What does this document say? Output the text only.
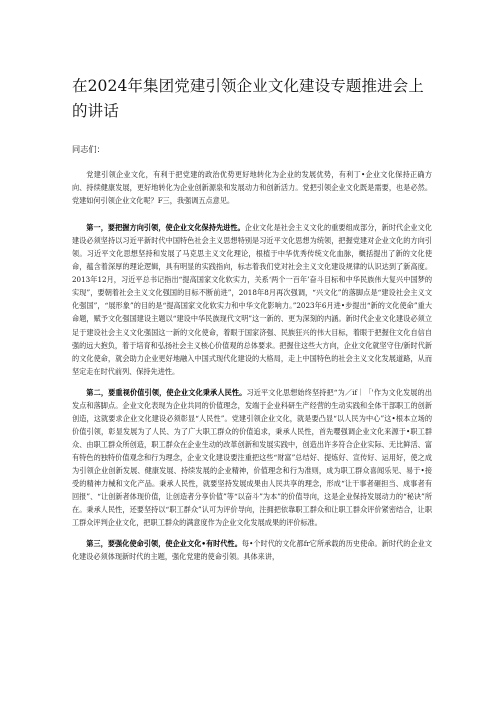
在2024年集团党建引领企业文化建设专题推进会上的讲话
同志们：

党建引领企业文化，有利于把党建的政治优势更好地转化为企业的发展优势，有利丁•企业文化保持正确方向、持续健康发展，更好地转化为企业创新源泉和发展动力和创新活力。党把引领企业文化既是需要，也是必然。党建如何引领企业文化呢？F三，我强调五点意见。

第一，要把握方向引领，使企业文化保持先进性。企业文化是社会主义文化的重要组成部分，新时代企业文化建设必须坚持以习近平新时代中国特色社会主义思想特别是习近平文化思想为统领，把握党建对企业文化的方向引领。习近平文化思想坚持和发展了马克思主义文化理论，根植于中华优秀传统文化血脉，概括提出了新的文化使命，蕴含着深厚的理论逻辑，具有明显的实践指向，标志着我们党对社会主义文化建设规律的认识达到了新高度。2013年12月，习近平总书记指出“提高国家文化软实力，关系‘两个一百年’奋斗目标和中华民族伟大复兴中国梦的实现”，要朝着社会主义文化强国的目标不断前进”，2018年8月再次强调，“兴文化”的落脚点是“建设社会主义文化强国”，“展形象”的目的是“提高国家文化软实力和中华文化影响力。”2023年6月进•步提出“新的文化使命”重大命题，赋予文化强国建设主题以“建设中华民族现代文明”这一新的、更为深刻的内涵。新时代企业文化建设必须立足于建设社会主义文化强国这一新的文化使命，着眼于国家济强、民族狂兴的伟大目标，着眼于把握住文化自信自强的远大抱负，着于培育和弘扬社会主义核心价值观的总体要求。把握住这些大方向，企业文化就坚守住/新时代新的文化使命，就会助力企业更好地融入中国式现代化建设的大格局，走上中国特色的社会主义文化发展道路，从而坚定走在时代前列、保持先进性。

第二，要重视价值引领，使企业文化秉承人民性。习近平文化思想始终坚持把“为／if｜「'作为文化发展的出发点和落脚点。企业文化表现为企业共同的价值理念，发端于企业科研生产经营的生动实践和全体干部职工的创新创造，这就要求企业文化建设必须彰显“人民性”。党建引领企业文化，就是要凸显“以人民为中心”这•根本立场的价值引领，彰显发展为了人民、为了广大职工群众的价值追求，秉承人民性，首先嘤强调企业文化来源于•职工群众、由职工群众所创造，职工群众在企业生动的改革创新和发展实践中，创造出许多符合企业实际、无比鲜活、富有特色的独特价值观念和行为理念，企业文化建设要注重把这些“财富”总结好、提炼好、宣传好、运用好，使之成为引领企业创新发展、健康发展、持续发展的企业精神，价值理念和行为准则，成为职工群众喜闻乐见、易于•接受的精神力械和文化产品。秉承人民性，就要坚持发展成果由人民共享的理念，形成“让干事者砸担当、成事者有回报”、“让创新者体现价值，让创造者分享价值”等“以奋斗”为本”的价值导向，这是企业保持发展动力的“秘诀”所在。秉承人民性，还要坚持以“职工群众”认可为评价导向，注拥把依靠职工群众和让职工群众评价紧密结合，让职工群众评判企业文化，把职工群众的满意度作为企业文化发展成果的评价标准。

第三，要强化使命引领，使企业文化•有时代性。每•个时代的文化都fr它所承载的历史使命。新时代的企业文化建设必须体现新时代的主题，强化党建的使命引领。具体来讲，
